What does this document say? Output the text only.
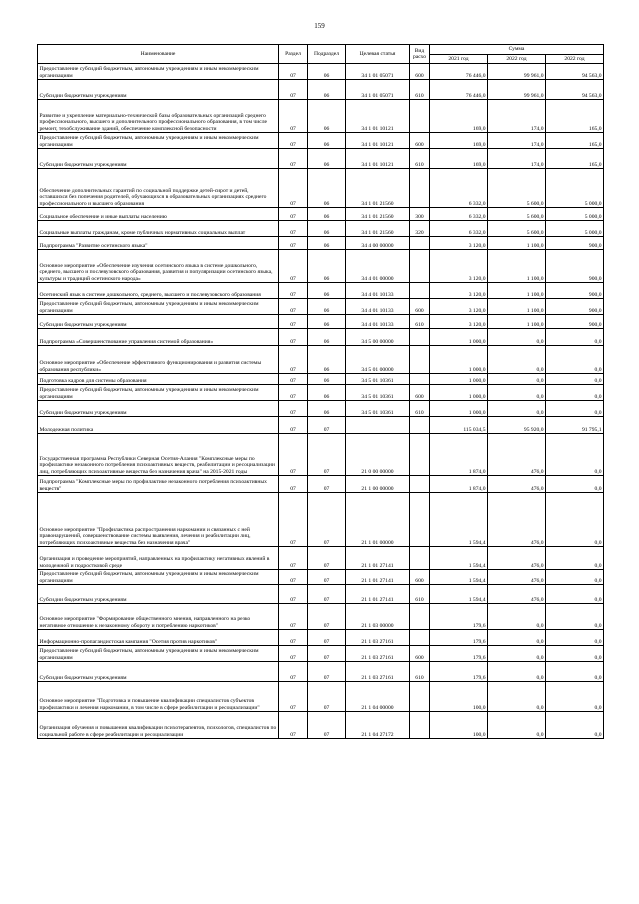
159
Наименование	Раздел	Подраздел	Целевая статья	Вид расхо	Сумма		
					2021 год	2022 год	2022 год
Предоставление субсидий бюджетным, автономным учреждениям и иным некоммерческим организациям	07	06	34 1 01 05071	600	76 446,0	99 961,0	94 563,0
Субсидии бюджетным учреждениям	07	06	34 1 01 05071	610	76 446,0	99 961,0	94 563,0
Развитие и укрепление материально-технической базы образовательных организаций среднего профессионального, высшего и дополнительного профессионального образования, в том числе ремонт, техобслуживание зданий, обеспечение комплексной безопасности	07	06	34 1 01 10121		169,0	174,0	165,0
Предоставление субсидий бюджетным, автономным учреждениям и иным некоммерческим организациям	07	06	34 1 01 10121	600	169,0	174,0	165,0
Субсидии бюджетным учреждениям	07	06	34 1 01 10121	610	169,0	174,0	165,0
Обеспечение дополнительных гарантий по социальной поддержке детей-сирот и детей, оставшихся без попечения родителей, обучающихся в образовательных организациях среднего профессионального и высшего образования	07	06	34 1 01 21560		6 332,0	5 600,0	5 000,0
Социальное обеспечение и иные выплаты населению	07	06	34 1 01 21560	300	6 332,0	5 600,0	5 000,0
Социальные выплаты гражданам, кроме публичных нормативных социальных выплат	07	06	34 1 01 21560	320	6 332,0	5 600,0	5 000,0
Подпрограмма "Развитие осетинского языка"	07	06	34 4 00 00000		3 120,0	1 100,0	900,0
Основное мероприятие «Обеспечение изучения осетинского языка в системе дошкольного, среднего, высшего и послевузовского образования, развития и популяризации осетинского языка, культуры и традиций осетинского народа»	07	06	34 4 01 00000		3 120,0	1 100,0	900,0
Осетинский язык в системе дошкольного, среднего, высшего и послевузовского образования	07	06	34 4 01 10133		3 120,0	1 100,0	900,0
Предоставление субсидий бюджетным, автономным учреждениям и иным некоммерческим организациям	07	06	34 4 01 10133	600	3 120,0	1 100,0	900,0
Субсидии бюджетным учреждениям	07	06	34 4 01 10133	610	3 120,0	1 100,0	900,0
Подпрограмма «Совершенствование управления системой образования»	07	06	34 5 00 00000		1 000,0	0,0	0,0
Основное мероприятие «Обеспечение эффективного функционирования и развития системы образования республики»	07	06	34 5 01 00000		1 000,0	0,0	0,0
Подготовка кадров для системы образования	07	06	34 5 01 10361		1 000,0	0,0	0,0
Предоставление субсидий бюджетным, автономным учреждениям и иным некоммерческим организациям	07	06	34 5 01 10361	600	1 000,0	0,0	0,0
Субсидии бюджетным учреждениям	07	06	34 5 01 10361	610	1 000,0	0,0	0,0
Молодежная политика	07	07			115 034,5	95 920,0	91 795,1
Государственная программа Республики Северная Осетия-Алания "Комплексные меры по профилактике незаконного потребления психоактивных веществ, реабилитации и ресоциализации лиц, потребляющих психоактивные вещества без назначения врача" на 2015-2021 годы	07	07	21 0 00 00000		1 874,0	476,0	0,0
Подпрограмма "Комплексные меры по профилактике незаконного потребления психоактивных веществ"	07	07	21 1 00 00000		1 874,0	476,0	0,0
Основное мероприятие "Профилактика распространения наркомании и связанных с ней правонарушений, совершенствование системы выявления, лечения и реабилитации лиц, потребляющих психоактивные вещества без назначения врача"	07	07	21 1 01 00000		1 594,4	476,0	0,0
Организация и проведение мероприятий, направленных на профилактику негативных явлений в молодежной и подростковой среде	07	07	21 1 01 27141		1 594,4	476,0	0,0
Предоставление субсидий бюджетным, автономным учреждениям и иным некоммерческим организациям	07	07	21 1 01 27141	600	1 594,4	476,0	0,0
Субсидии бюджетным учреждениям	07	07	21 1 01 27141	610	1 594,4	476,0	0,0
Основное мероприятие "Формирование общественного мнения, направленного на резко негативное отношение к незаконному обороту и потреблению наркотиков"	07	07	21 1 03 00000		179,6	0,0	0,0
Информационно-пропагандистская кампания "Осетия против наркотиков"	07	07	21 1 03 27161		179,6	0,0	0,0
Предоставление субсидий бюджетным, автономным учреждениям и иным некоммерческим организациям	07	07	21 1 03 27161	600	179,6	0,0	0,0
Субсидии бюджетным учреждениям	07	07	21 1 03 27161	610	179,6	0,0	0,0
Основное мероприятие "Подготовка и повышение квалификации специалистов субъектов профилактики и лечения наркомании, в том числе в сфере реабилитации и ресоциализации"	07	07	21 1 04 00000		100,0	0,0	0,0
Организация обучения и повышения квалификации психотерапевтов, психологов, специалистов по социальной работе в сфере реабилитации и ресоциализации	07	07	21 1 04 27172		100,0	0,0	0,0
